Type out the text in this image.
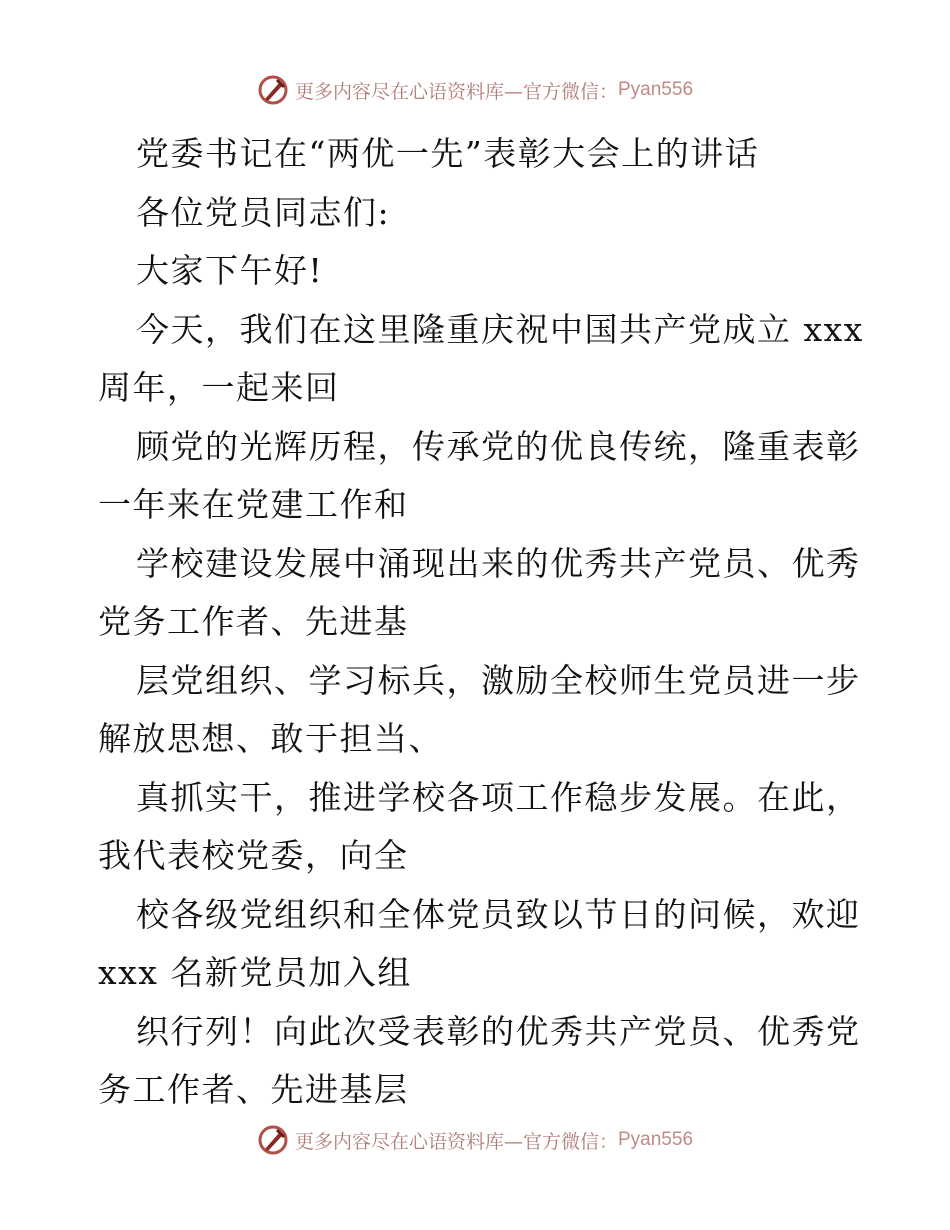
更多内容尽在心语资料库—官方微信： Pyan556
党委书记在“两优一先”表彰大会上的讲话
各位党员同志们:
大家下午好!
今天，我们在这里隆重庆祝中国共产党成立 xxx
周年，一起来回
顾党的光辉历程，传承党的优良传统，隆重表彰
一年来在党建工作和
学校建设发展中涌现出来的优秀共产党员、优秀
党务工作者、先进基
层党组织、学习标兵，激励全校师生党员进一步
解放思想、敢于担当、
真抓实干，推进学校各项工作稳步发展。在此，
我代表校党委，向全
校各级党组织和全体党员致以节日的问候，欢迎
xxx 名新党员加入组
织行列！向此次受表彰的优秀共产党员、优秀党
务工作者、先进基层
更多内容尽在心语资料库—官方微信： Pyan556
